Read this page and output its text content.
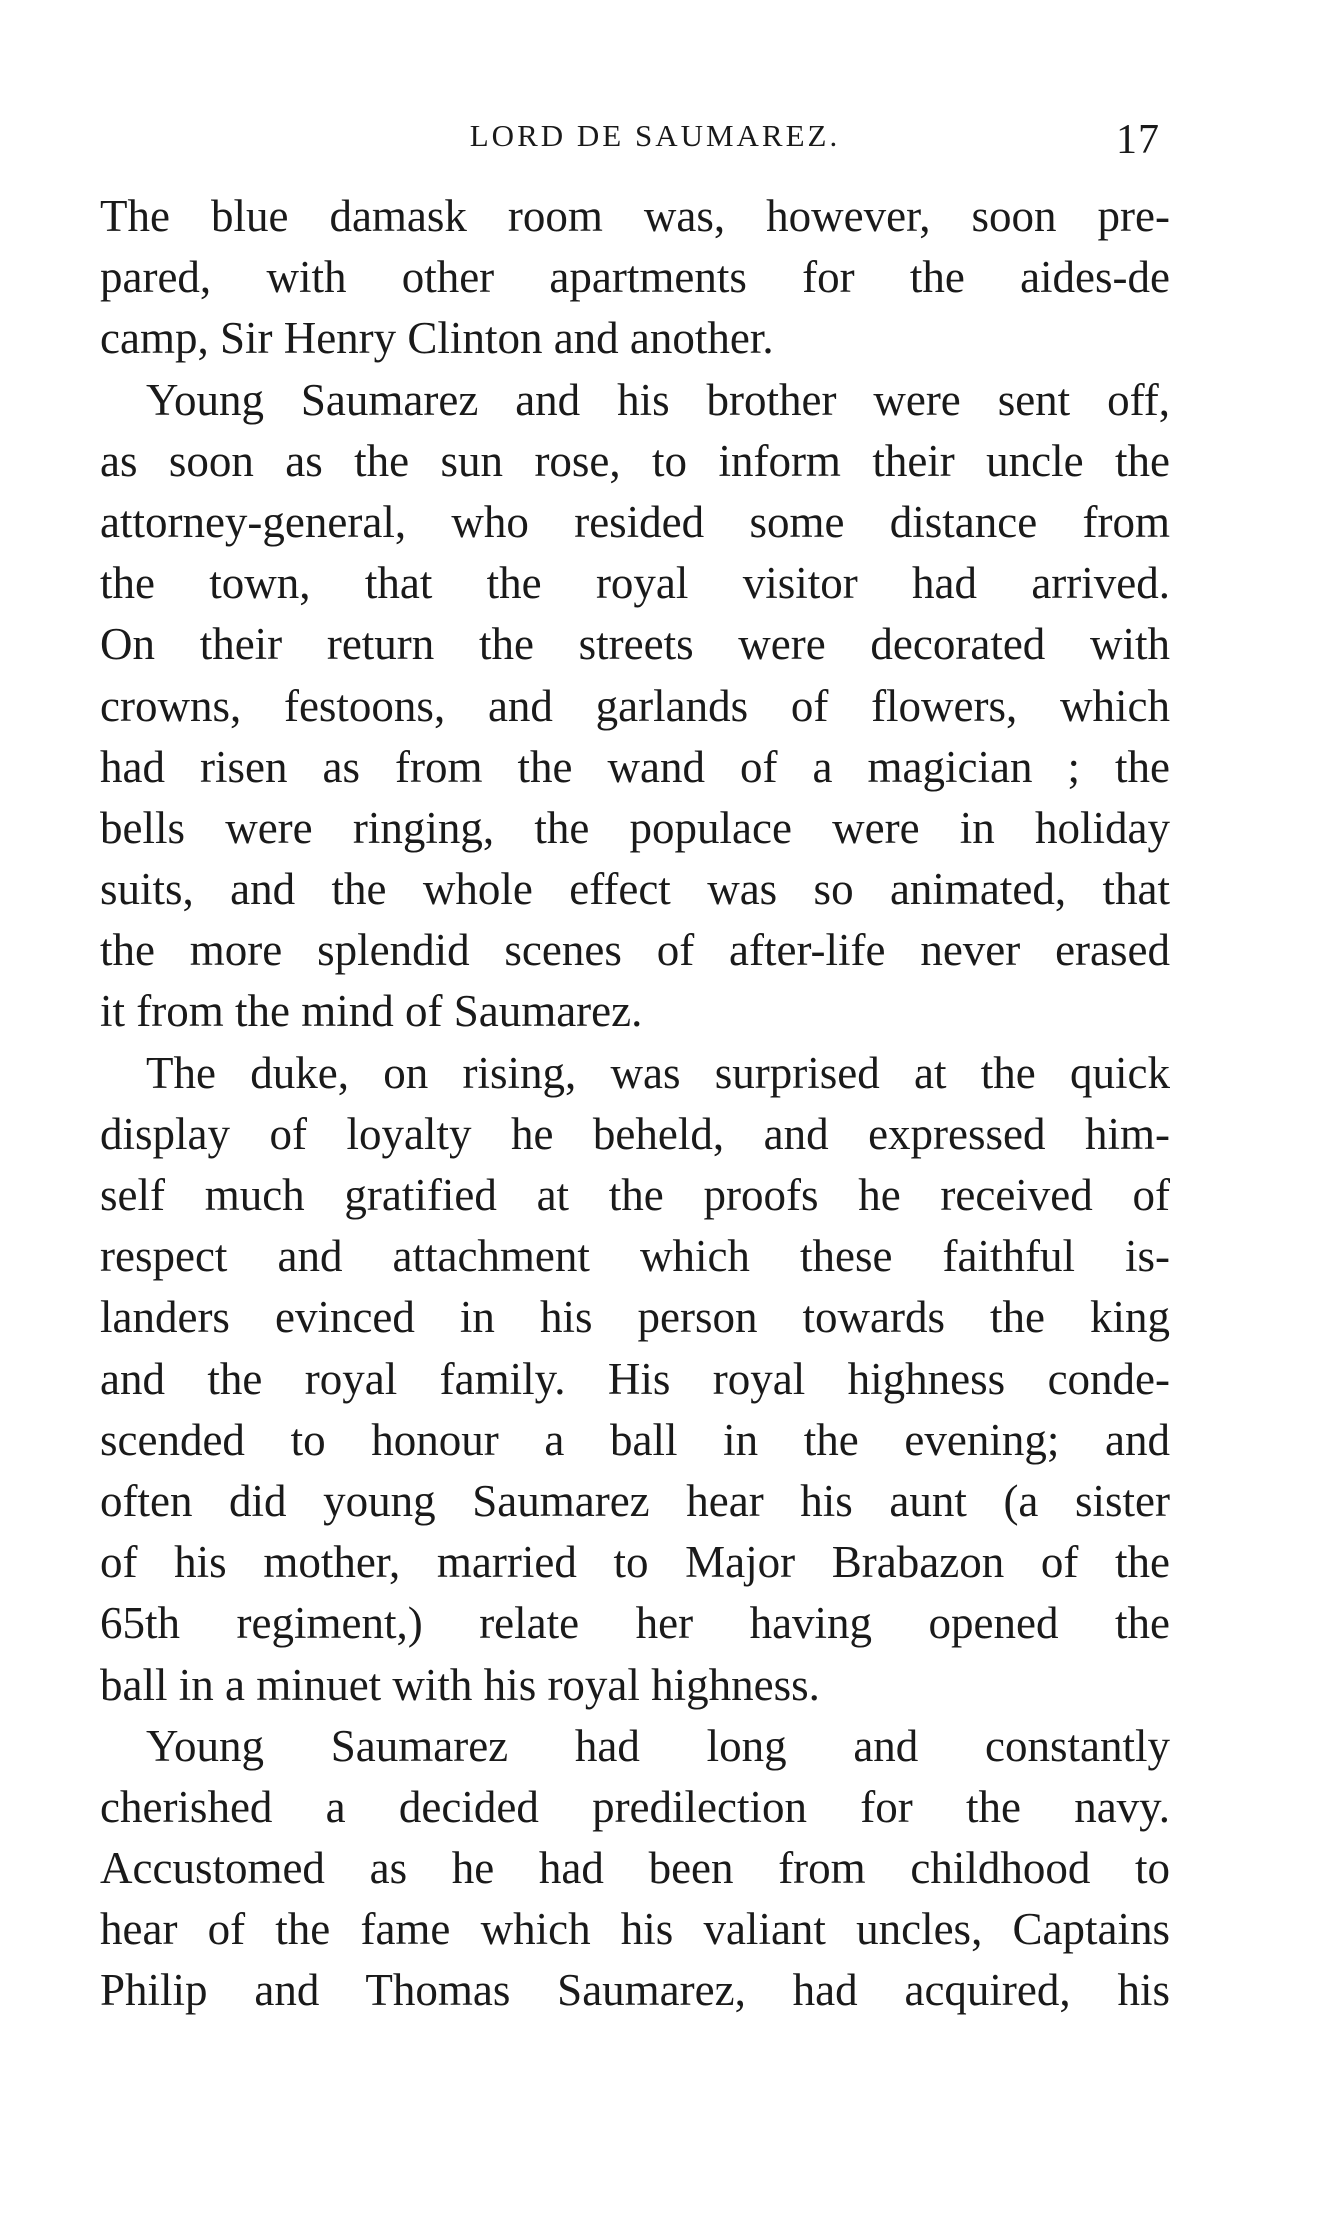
LORD DE SAUMAREZ.	17
The blue damask room was, however, soon pre-
pared, with other apartments for the aides-de
camp, Sir Henry Clinton and another.
Young Saumarez and his brother were sent off,
as soon as the sun rose, to inform their uncle the
attorney-general, who resided some distance from
the town, that the royal visitor had arrived.
On their return the streets were decorated with
crowns, festoons, and garlands of flowers, which
had risen as from the wand of a magician ; the
bells were ringing, the populace were in holiday
suits, and the whole effect was so animated, that
the more splendid scenes of after-life never erased
it from the mind of Saumarez.
The duke, on rising, was surprised at the quick
display of loyalty he beheld, and expressed him-
self much gratified at the proofs he received of
respect and attachment which these faithful is-
landers evinced in his person towards the king
and the royal family. His royal highness conde-
scended to honour a ball in the evening; and
often did young Saumarez hear his aunt (a sister
of his mother, married to Major Brabazon of the
65th regiment,) relate her having opened the
ball in a minuet with his royal highness.
Young Saumarez had long and constantly
cherished a decided predilection for the navy.
Accustomed as he had been from childhood to
hear of the fame which his valiant uncles, Captains
Philip and Thomas Saumarez, had acquired, his
